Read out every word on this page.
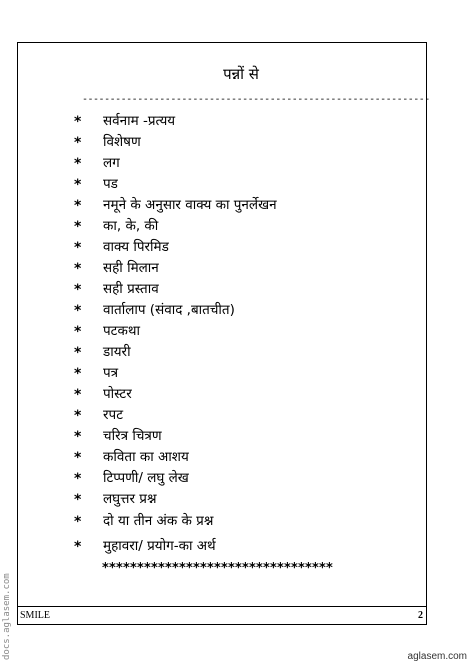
पन्नों से
---------------------------------------------------------------
* सर्वनाम -प्रत्यय
* विशेषण
* लग
* पड
* नमूने के अनुसार वाक्य का पुनर्लेखन
* का, के, की
* वाक्य पिरमिड
* सही मिलान
* सही प्रस्ताव
* वार्तालाप (संवाद ,बातचीत)
* पटकथा
* डायरी
* पत्र
* पोस्टर
* रपट
* चरित्र चित्रण
* कविता का आशय
* टिप्पणी/ लघु लेख
* लघुत्तर प्रश्न
* दो या तीन अंक के प्रश्न
* मुहावरा/ प्रयोग-का अर्थ
*********************************
SMILE	2
docs.aglasem.com	aglasem.com
